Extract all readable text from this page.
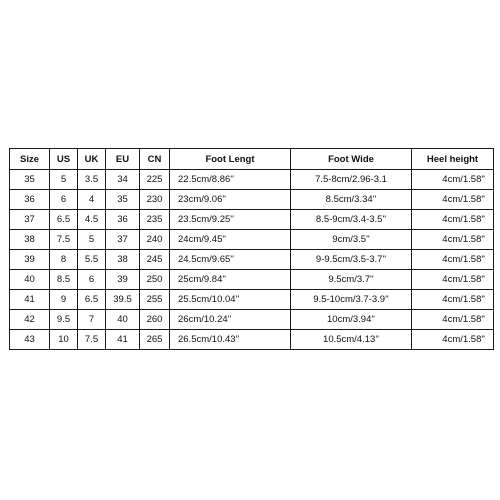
Size	US	UK	EU	CN	Foot Lengt	Foot Wide	Heel height
35	5	3.5	34	225	22.5cm/8.86''	7.5-8cm/2.96-3.1	4cm/1.58''
36	6	4	35	230	23cm/9.06''	8.5cm/3.34''	4cm/1.58''
37	6.5	4.5	36	235	23.5cm/9.25''	8.5-9cm/3.4-3.5''	4cm/1.58''
38	7.5	5	37	240	24cm/9.45''	9cm/3.5''	4cm/1.58''
39	8	5.5	38	245	24.5cm/9.65''	9-9.5cm/3.5-3.7''	4cm/1.58''
40	8.5	6	39	250	25cm/9.84''	9.5cm/3.7''	4cm/1.58''
41	9	6.5	39.5	255	25.5cm/10.04''	9.5-10cm/3.7-3.9''	4cm/1.58''
42	9.5	7	40	260	26cm/10.24''	10cm/3.94''	4cm/1.58''
43	10	7.5	41	265	26.5cm/10.43''	10.5cm/4.13''	4cm/1.58''
